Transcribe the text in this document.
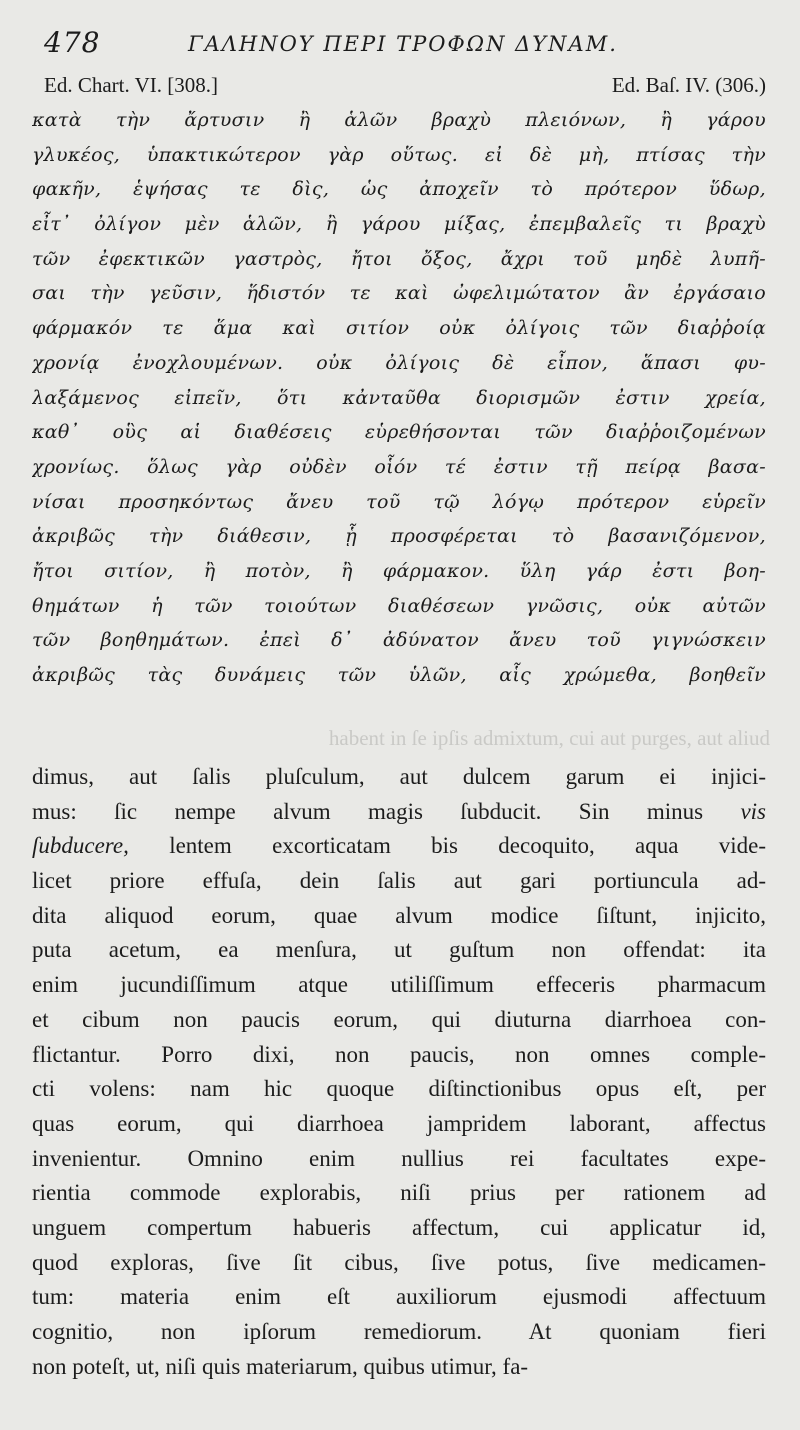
478	ΓΑΛΗΝΟΥ ΠΕΡΙ ΤΡΟΦΩΝ ΔΥΝΑΜ.
Ed. Chart. VI. [308.]	Ed. Baſ. IV. (306.)
κατὰ τὴν ἄρτυσιν ἢ ἁλῶν βραχὺ πλειόνων, ἢ γάρου
γλυκέος, ὑπακτικώτερον γὰρ οὕτως. εἰ δὲ μὴ, πτίσας τὴν
φακῆν, ἑψήσας τε δὶς, ὡς ἀποχεῖν τὸ πρότερον ὕδωρ,
εἶτ᾽ ὀλίγον μὲν ἁλῶν, ἢ γάρου μίξας, ἐπεμβαλεῖς τι βραχὺ
τῶν ἐφεκτικῶν γαστρὸς, ἤτοι ὄξος, ἄχρι τοῦ μηδὲ λυπῆ-
σαι τὴν γεῦσιν, ἥδιστόν τε καὶ ὠφελιμώτατον ἂν ἐργάσαιο
φάρμακόν τε ἅμα καὶ σιτίον οὐκ ὀλίγοις τῶν διαῤῥοίᾳ
χρονίᾳ ἐνοχλουμένων. οὐκ ὀλίγοις δὲ εἶπον, ἅπασι φυ-
λαξάμενος εἰπεῖν, ὅτι κἀνταῦθα διορισμῶν ἐστιν χρεία,
καθ᾽ οὓς αἱ διαθέσεις εὑρεθήσονται τῶν διαῤῥοιζομένων
χρονίως. ὅλως γὰρ οὐδὲν οἷόν τέ ἐστιν τῇ πείρᾳ βασα-
νίσαι προσηκόντως ἄνευ τοῦ τῷ λόγῳ πρότερον εὑρεῖν
ἀκριβῶς τὴν διάθεσιν, ᾗ προσφέρεται τὸ βασανιζόμενον,
ἤτοι σιτίον, ἢ ποτὸν, ἢ φάρμακον. ὕλη γάρ ἐστι βοη-
θημάτων ἡ τῶν τοιούτων διαθέσεων γνῶσις, οὐκ αὐτῶν
τῶν βοηθημάτων. ἐπεὶ δ᾽ ἀδύνατον ἄνευ τοῦ γιγνώσκειν
ἀκριβῶς τὰς δυνάμεις τῶν ὑλῶν, αἷς χρώμεθα, βοηθεῖν
habent in ſe ipſis admixtum, cui aut purges, aut aliud
dimus, aut ſalis pluſculum, aut dulcem garum ei injici-
mus: ſic nempe alvum magis ſubducit. Sin minus vis
ſubducere, lentem excorticatam bis decoquito, aqua vide-
licet priore effuſa, dein ſalis aut gari portiuncula ad-
dita aliquod eorum, quae alvum modice ſiſtunt, injicito,
puta acetum, ea menſura, ut guſtum non offendat: ita
enim jucundiſſimum atque utiliſſimum effeceris pharmacum
et cibum non paucis eorum, qui diuturna diarrhoea con-
flictantur. Porro dixi, non paucis, non omnes comple-
cti volens: nam hic quoque diſtinctionibus opus eſt, per
quas eorum, qui diarrhoea jampridem laborant, affectus
invenientur. Omnino enim nullius rei facultates expe-
rientia commode explorabis, niſi prius per rationem ad
unguem compertum habueris affectum, cui applicatur id,
quod exploras, ſive ſit cibus, ſive potus, ſive medicamen-
tum: materia enim eſt auxiliorum ejusmodi affectuum
cognitio, non ipſorum remediorum. At quoniam fieri
non poteſt, ut, niſi quis materiarum, quibus utimur, fa-
